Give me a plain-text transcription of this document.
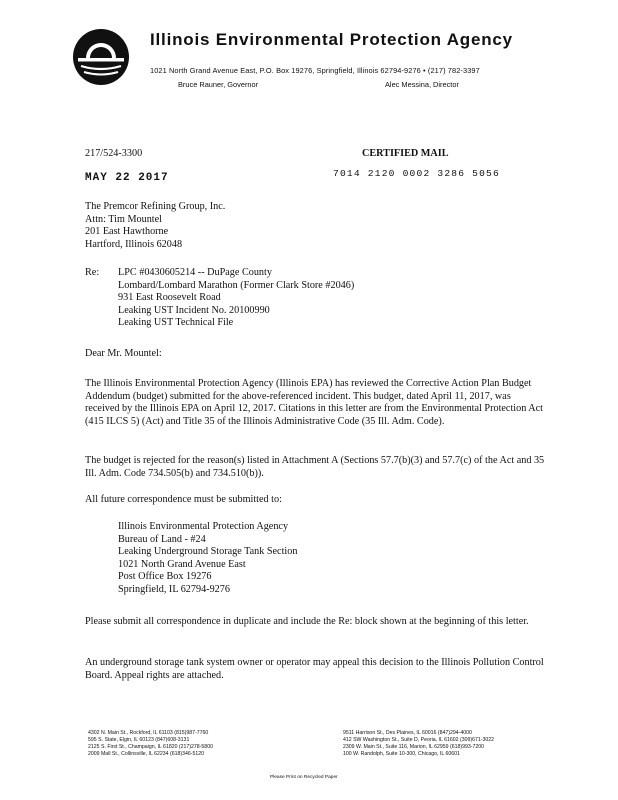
Illinois Environmental Protection Agency
1021 North Grand Avenue East, P.O. Box 19276, Springfield, Illinois 62794-9276 • (217) 782-3397
Bruce Rauner, Governor	Alec Messina, Director
217/524-3300	CERTIFIED MAIL
MAY 22 2017	7014 2120 0002 3286 5056
The Premcor Refining Group, Inc.
Attn: Tim Mountel
201 East Hawthorne
Hartford, Illinois 62048
Re: LPC #0430605214 -- DuPage County
Lombard/Lombard Marathon (Former Clark Store #2046)
931 East Roosevelt Road
Leaking UST Incident No. 20100990
Leaking UST Technical File
Dear Mr. Mountel:
The Illinois Environmental Protection Agency (Illinois EPA) has reviewed the Corrective Action Plan Budget Addendum (budget) submitted for the above-referenced incident. This budget, dated April 11, 2017, was received by the Illinois EPA on April 12, 2017. Citations in this letter are from the Environmental Protection Act (415 ILCS 5) (Act) and Title 35 of the Illinois Administrative Code (35 Ill. Adm. Code).
The budget is rejected for the reason(s) listed in Attachment A (Sections 57.7(b)(3) and 57.7(c) of the Act and 35 Ill. Adm. Code 734.505(b) and 734.510(b)).
All future correspondence must be submitted to:
Illinois Environmental Protection Agency
Bureau of Land - #24
Leaking Underground Storage Tank Section
1021 North Grand Avenue East
Post Office Box 19276
Springfield, IL 62794-9276
Please submit all correspondence in duplicate and include the Re: block shown at the beginning of this letter.
An underground storage tank system owner or operator may appeal this decision to the Illinois Pollution Control Board. Appeal rights are attached.
4302 N. Main St., Rockford, IL 61103 (815)987-7760
595 S. State, Elgin, IL 60123 (847)608-3131
2125 S. First St., Champaign, IL 61820 (217)278-5800
2009 Mall St., Collinsville, IL 62234 (618)346-5120
9511 Harrison St., Des Plaines, IL 60016 (847)294-4000
412 SW Washington St., Suite D, Peoria, IL 61602 (309)671-3022
2309 W. Main St., Suite 116, Marion, IL 62959 (618)993-7200
100 W. Randolph, Suite 10-300, Chicago, IL 60601
Please Print on Recycled Paper
